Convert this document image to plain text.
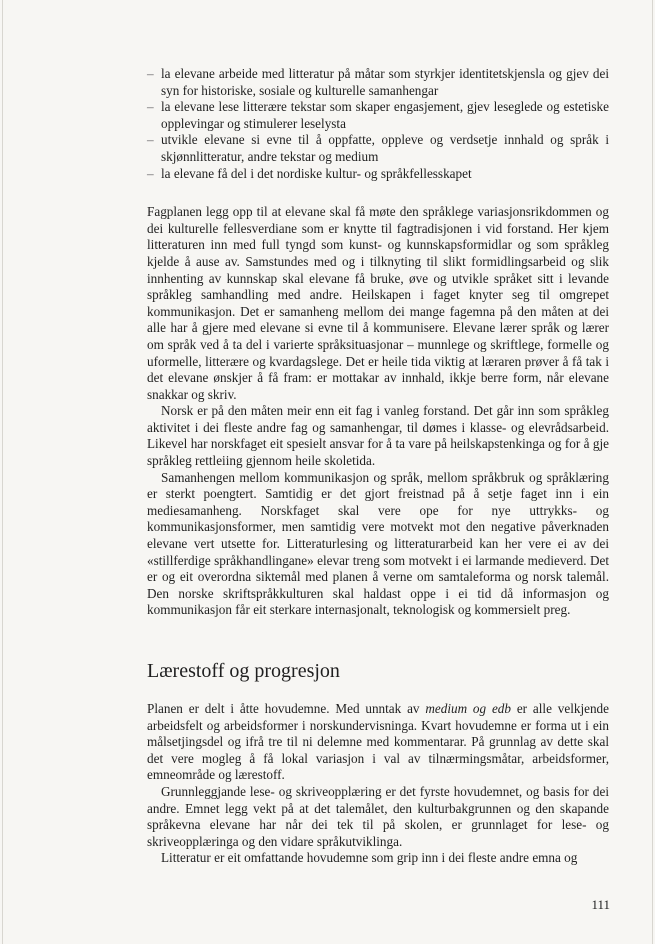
– la elevane arbeide med litteratur på måtar som styrkjer identitetskjensla og gjev dei syn for historiske, sosiale og kulturelle samanhengar
– la elevane lese litterære tekstar som skaper engasjement, gjev leseglede og estetiske opplevingar og stimulerer leselysta
– utvikle elevane si evne til å oppfatte, oppleve og verdsetje innhald og språk i skjønnlitteratur, andre tekstar og medium
– la elevane få del i det nordiske kultur- og språkfellesskapet

Fagplanen legg opp til at elevane skal få møte den språklege variasjonsrikdommen og dei kulturelle fellesverdiane som er knytte til fagtradisjonen i vid forstand. Her kjem litteraturen inn med full tyngd som kunst- og kunnskapsformidlar og som språkleg kjelde å ause av. Samstundes med og i tilknyting til slikt formidlingsarbeid og slik innhenting av kunnskap skal elevane få bruke, øve og utvikle språket sitt i levande språkleg samhandling med andre. Heilskapen i faget knyter seg til omgrepet kommunikasjon. Det er samanheng mellom dei mange fagemna på den måten at dei alle har å gjere med elevane si evne til å kommunisere. Elevane lærer språk og lærer om språk ved å ta del i varierte språksituasjonar – munnlege og skriftlege, formelle og uformelle, litterære og kvardagslege. Det er heile tida viktig at læraren prøver å få tak i det elevane ønskjer å få fram: er mottakar av innhald, ikkje berre form, når elevane snakkar og skriv.

Norsk er på den måten meir enn eit fag i vanleg forstand. Det går inn som språkleg aktivitet i dei fleste andre fag og samanhengar, til dømes i klasse- og elevrådsarbeid. Likevel har norskfaget eit spesielt ansvar for å ta vare på heilskapstenkinga og for å gje språkleg rettleiing gjennom heile skoletida.

Samanhengen mellom kommunikasjon og språk, mellom språkbruk og språklæring er sterkt poengtert. Samtidig er det gjort freistnad på å setje faget inn i ein mediesamanheng. Norskfaget skal vere ope for nye uttrykks- og kommunikasjonsformer, men samtidig vere motvekt mot den negative påverknaden elevane vert utsette for. Litteraturlesing og litteraturarbeid kan her vere ei av dei «stillferdige språkhandlingane» elevar treng som motvekt i ei larmande medieverd. Det er og eit overordna siktemål med planen å verne om samtaleforma og norsk talemål. Den norske skriftspråkkulturen skal haldast oppe i ei tid då informasjon og kommunikasjon får eit sterkare internasjonalt, teknologisk og kommersielt preg.

Lærestoff og progresjon

Planen er delt i åtte hovudemne. Med unntak av medium og edb er alle velkjende arbeidsfelt og arbeidsformer i norskundervisninga. Kvart hovudemne er forma ut i ein målsetjingsdel og ifrå tre til ni delemne med kommentarar. På grunnlag av dette skal det vere mogleg å få lokal variasjon i val av tilnærmingsmåtar, arbeidsformer, emneområde og lærestoff.

Grunnleggjande lese- og skriveopplæring er det fyrste hovudemnet, og basis for dei andre. Emnet legg vekt på at det talemålet, den kulturbakgrunnen og den skapande språkevna elevane har når dei tek til på skolen, er grunnlaget for lese- og skriveopplæringa og den vidare språkutviklinga.

Litteratur er eit omfattande hovudemne som grip inn i dei fleste andre emna og

111
